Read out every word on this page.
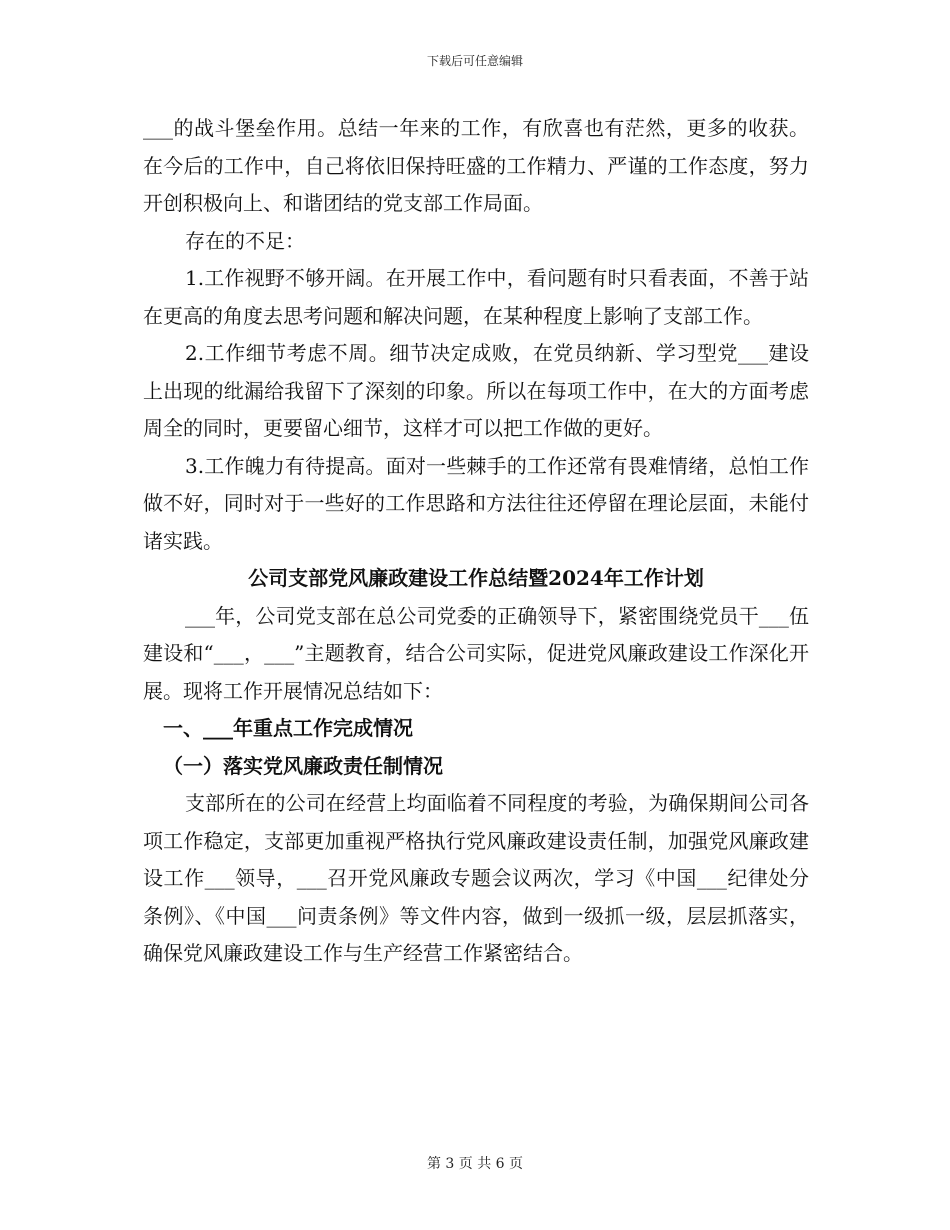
下载后可任意编辑

___的战斗堡垒作用。总结一年来的工作，有欣喜也有茫然，更多的收获。在今后的工作中，自己将依旧保持旺盛的工作精力、严谨的工作态度，努力开创积极向上、和谐团结的党支部工作局面。

存在的不足：

1.工作视野不够开阔。在开展工作中，看问题有时只看表面，不善于站在更高的角度去思考问题和解决问题，在某种程度上影响了支部工作。

2.工作细节考虑不周。细节决定成败，在党员纳新、学习型党___建设上出现的纰漏给我留下了深刻的印象。所以在每项工作中，在大的方面考虑周全的同时，更要留心细节，这样才可以把工作做的更好。

3.工作魄力有待提高。面对一些棘手的工作还常有畏难情绪，总怕工作做不好，同时对于一些好的工作思路和方法往往还停留在理论层面，未能付诸实践。

公司支部党风廉政建设工作总结暨2024年工作计划

___年，公司党支部在总公司党委的正确领导下，紧密围绕党员干___伍建设和“___，___”主题教育，结合公司实际，促进党风廉政建设工作深化开展。现将工作开展情况总结如下：

一、___年重点工作完成情况

（一）落实党风廉政责任制情况

支部所在的公司在经营上均面临着不同程度的考验，为确保期间公司各项工作稳定，支部更加重视严格执行党风廉政建设责任制，加强党风廉政建设工作___领导，___召开党风廉政专题会议两次，学习《中国___纪律处分条例》、《中国___问责条例》等文件内容，做到一级抓一级，层层抓落实，确保党风廉政建设工作与生产经营工作紧密结合。

第 3 页 共 6 页
